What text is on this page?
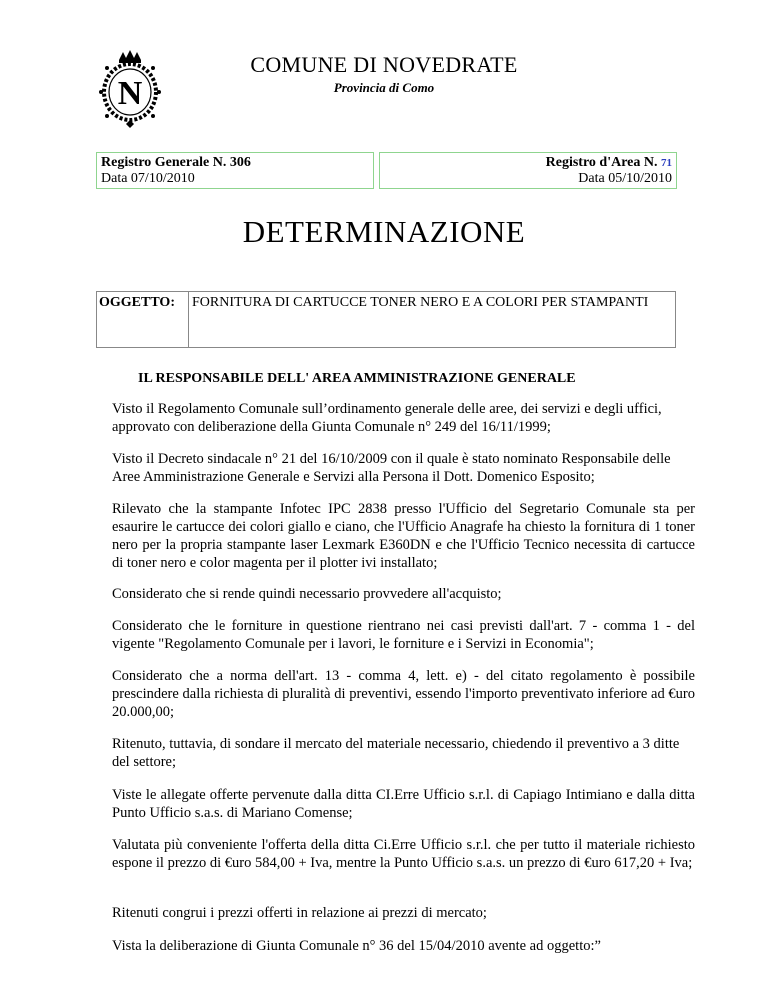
N
COMUNE DI NOVEDRATE
Provincia di Como
Registro Generale N. 306
Data 07/10/2010
Registro d'Area N. 71
Data 05/10/2010
DETERMINAZIONE
OGGETTO: FORNITURA DI CARTUCCE TONER NERO E A COLORI PER STAMPANTI
IL RESPONSABILE DELL' AREA AMMINISTRAZIONE GENERALE
Visto il Regolamento Comunale sull’ordinamento generale delle aree, dei servizi e degli uffici, approvato con deliberazione della Giunta Comunale n° 249 del 16/11/1999;
Visto il Decreto sindacale n° 21 del 16/10/2009 con il quale è stato nominato Responsabile delle Aree Amministrazione Generale e Servizi alla Persona il Dott. Domenico Esposito;
Rilevato che la stampante Infotec IPC 2838 presso l'Ufficio del Segretario Comunale sta per esaurire le cartucce dei colori giallo e ciano, che l'Ufficio Anagrafe ha chiesto la fornitura di 1 toner nero per la propria stampante laser Lexmark E360DN e che l'Ufficio Tecnico necessita di cartucce di toner nero e color magenta per il plotter ivi installato;
Considerato che si rende quindi necessario provvedere all'acquisto;
Considerato che le forniture in questione rientrano nei casi previsti dall'art. 7 - comma 1 - del vigente "Regolamento Comunale per i lavori, le forniture e i Servizi in Economia";
Considerato che a norma dell'art. 13 - comma 4, lett. e) - del citato regolamento è possibile prescindere dalla richiesta di pluralità di preventivi, essendo l'importo preventivato inferiore ad €uro 20.000,00;
Ritenuto, tuttavia, di sondare il mercato del materiale necessario, chiedendo il preventivo a 3 ditte del settore;
Viste le allegate offerte pervenute dalla ditta CI.Erre Ufficio s.r.l. di Capiago Intimiano e dalla ditta Punto Ufficio s.a.s. di Mariano Comense;
Valutata più conveniente l'offerta della ditta Ci.Erre Ufficio s.r.l. che per tutto il materiale richiesto espone il prezzo di €uro 584,00 + Iva, mentre la Punto Ufficio s.a.s. un prezzo di €uro 617,20 + Iva;
Ritenuti congrui i prezzi offerti in relazione ai prezzi di mercato;
Vista la deliberazione di Giunta Comunale n° 36 del 15/04/2010 avente ad oggetto:”
